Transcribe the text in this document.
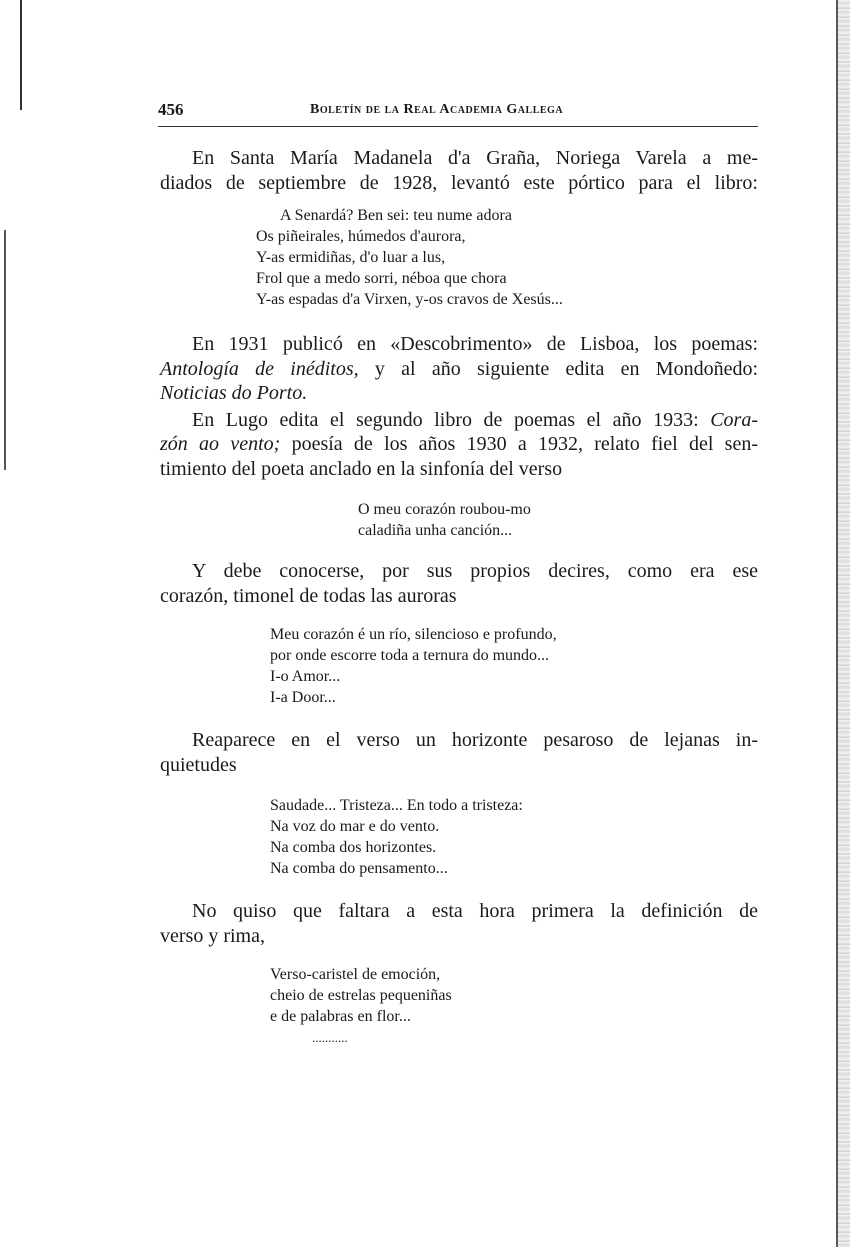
456	Boletín de la Real Academia Gallega
En Santa María Madanela d'a Graña, Noriega Varela a me-
diados de septiembre de 1928, levantó este pórtico para el libro:
A Senardá? Ben sei: teu nume adora
Os piñeirales, húmedos d'aurora,
Y-as ermidiñas, d'o luar a lus,
Frol que a medo sorri, néboa que chora
Y-as espadas d'a Virxen, y-os cravos de Xesús...
En 1931 publicó en «Descobrimento» de Lisboa, los poemas:
Antología de inéditos, y al año siguiente edita en Mondoñedo:
Noticias do Porto.
En Lugo edita el segundo libro de poemas el año 1933: Cora-
zón ao vento; poesía de los años 1930 a 1932, relato fiel del sen-
timiento del poeta anclado en la sinfonía del verso
O meu corazón roubou-mo
caladiña unha canción...
Y debe conocerse, por sus propios decires, como era ese
corazón, timonel de todas las auroras
Meu corazón é un río, silencioso e profundo,
por onde escorre toda a ternura do mundo...
I-o Amor...
I-a Door...
Reaparece en el verso un horizonte pesaroso de lejanas in-
quietudes
Saudade... Tristeza... En todo a tristeza:
Na voz do mar e do vento.
Na comba dos horizontes.
Na comba do pensamento...
No quiso que faltara a esta hora primera la definición de
verso y rima,
Verso-caristel de emoción,
cheio de estrelas pequeniñas
e de palabras en flor...
...........
